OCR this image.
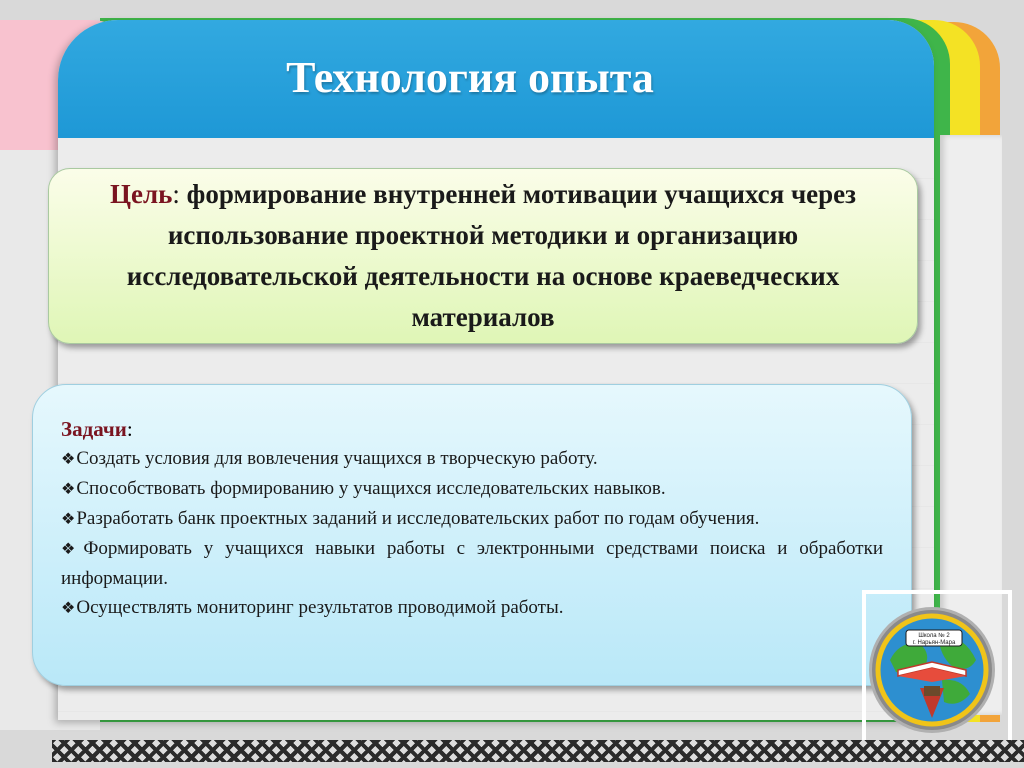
Технология опыта
Цель: формирование внутренней мотивации учащихся через использование проектной методики и организацию исследовательской деятельности на основе краеведческих материалов
Задачи:
❖Создать условия для вовлечения учащихся в творческую работу.
❖Способствовать формированию у учащихся исследовательских навыков.
❖Разработать банк проектных заданий и исследовательских работ по годам обучения.
❖Формировать у учащихся навыки работы с электронными средствами поиска и обработки информации.
❖Осуществлять мониторинг результатов проводимой работы.
Школа № 2
г. Нарьян-Мара
